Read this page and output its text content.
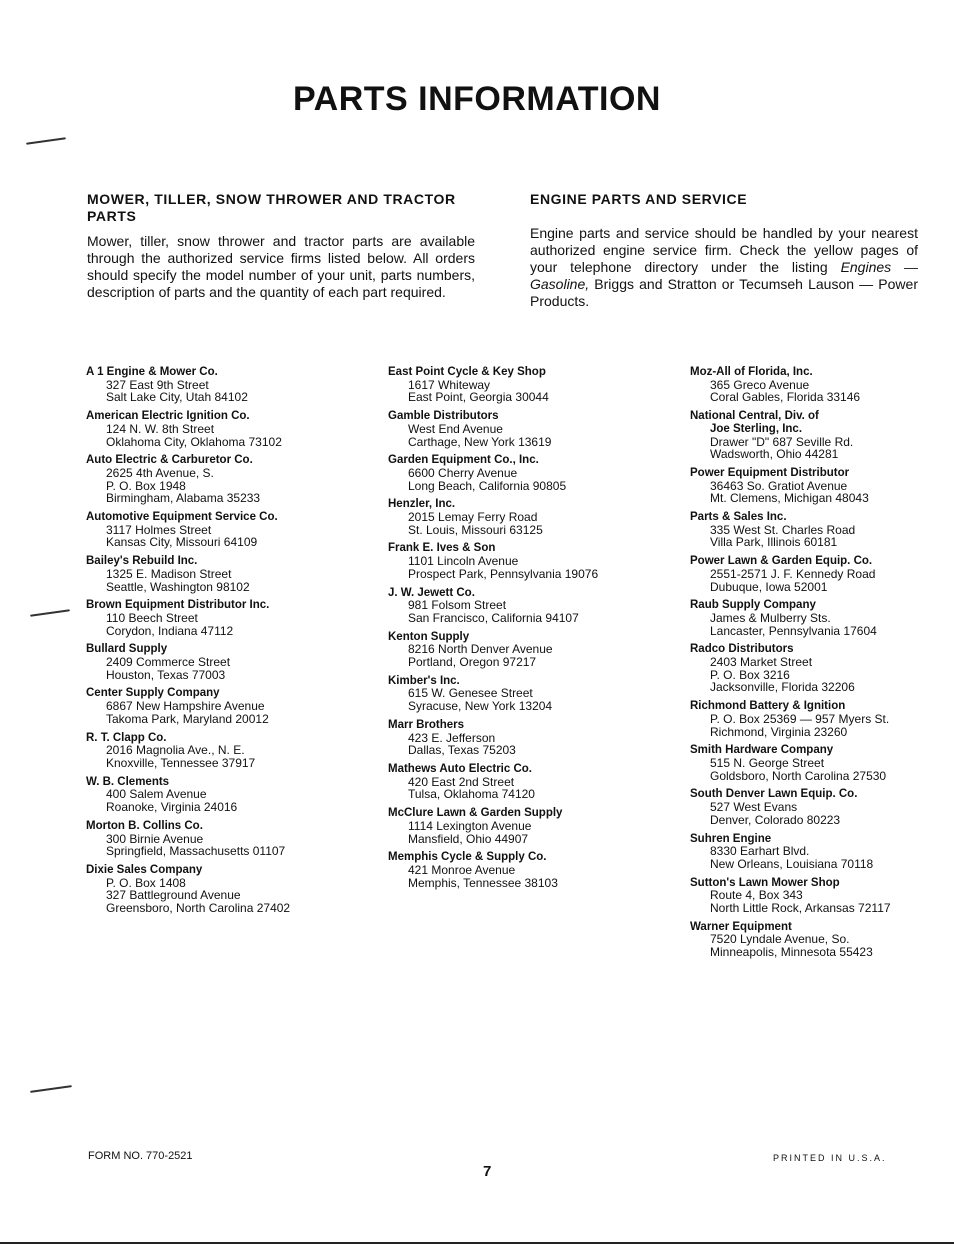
PARTS INFORMATION
MOWER, TILLER, SNOW THROWER AND TRACTOR PARTS

Mower, tiller, snow thrower and tractor parts are available through the authorized service firms listed below. All orders should specify the model number of your unit, parts numbers, description of parts and the quantity of each part required.

ENGINE PARTS AND SERVICE

Engine parts and service should be handled by your nearest authorized engine service firm. Check the yellow pages of your telephone directory under the listing Engines — Gasoline, Briggs and Stratton or Tecumseh Lauson — Power Products.

A 1 Engine & Mower Co.
327 East 9th Street
Salt Lake City, Utah 84102
American Electric Ignition Co.
124 N. W. 8th Street
Oklahoma City, Oklahoma 73102
Auto Electric & Carburetor Co.
2625 4th Avenue, S.
P. O. Box 1948
Birmingham, Alabama 35233
Automotive Equipment Service Co.
3117 Holmes Street
Kansas City, Missouri 64109
Bailey's Rebuild Inc.
1325 E. Madison Street
Seattle, Washington 98102
Brown Equipment Distributor Inc.
110 Beech Street
Corydon, Indiana 47112
Bullard Supply
2409 Commerce Street
Houston, Texas 77003
Center Supply Company
6867 New Hampshire Avenue
Takoma Park, Maryland 20012
R. T. Clapp Co.
2016 Magnolia Ave., N. E.
Knoxville, Tennessee 37917
W. B. Clements
400 Salem Avenue
Roanoke, Virginia 24016
Morton B. Collins Co.
300 Birnie Avenue
Springfield, Massachusetts 01107
Dixie Sales Company
P. O. Box 1408
327 Battleground Avenue
Greensboro, North Carolina 27402
East Point Cycle & Key Shop
1617 Whiteway
East Point, Georgia 30044
Gamble Distributors
West End Avenue
Carthage, New York 13619
Garden Equipment Co., Inc.
6600 Cherry Avenue
Long Beach, California 90805
Henzler, Inc.
2015 Lemay Ferry Road
St. Louis, Missouri 63125
Frank E. Ives & Son
1101 Lincoln Avenue
Prospect Park, Pennsylvania 19076
J. W. Jewett Co.
981 Folsom Street
San Francisco, California 94107
Kenton Supply
8216 North Denver Avenue
Portland, Oregon 97217
Kimber's Inc.
615 W. Genesee Street
Syracuse, New York 13204
Marr Brothers
423 E. Jefferson
Dallas, Texas 75203
Mathews Auto Electric Co.
420 East 2nd Street
Tulsa, Oklahoma 74120
McClure Lawn & Garden Supply
1114 Lexington Avenue
Mansfield, Ohio 44907
Memphis Cycle & Supply Co.
421 Monroe Avenue
Memphis, Tennessee 38103
Moz-All of Florida, Inc.
365 Greco Avenue
Coral Gables, Florida 33146
National Central, Div. of
Joe Sterling, Inc.
Drawer "D" 687 Seville Rd.
Wadsworth, Ohio 44281
Power Equipment Distributor
36463 So. Gratiot Avenue
Mt. Clemens, Michigan 48043
Parts & Sales Inc.
335 West St. Charles Road
Villa Park, Illinois 60181
Power Lawn & Garden Equip. Co.
2551-2571 J. F. Kennedy Road
Dubuque, Iowa 52001
Raub Supply Company
James & Mulberry Sts.
Lancaster, Pennsylvania 17604
Radco Distributors
2403 Market Street
P. O. Box 3216
Jacksonville, Florida 32206
Richmond Battery & Ignition
P. O. Box 25369 — 957 Myers St.
Richmond, Virginia 23260
Smith Hardware Company
515 N. George Street
Goldsboro, North Carolina 27530
South Denver Lawn Equip. Co.
527 West Evans
Denver, Colorado 80223
Suhren Engine
8330 Earhart Blvd.
New Orleans, Louisiana 70118
Sutton's Lawn Mower Shop
Route 4, Box 343
North Little Rock, Arkansas 72117
Warner Equipment
7520 Lyndale Avenue, So.
Minneapolis, Minnesota 55423
FORM NO. 770-2521
7
PRINTED IN U.S.A.
